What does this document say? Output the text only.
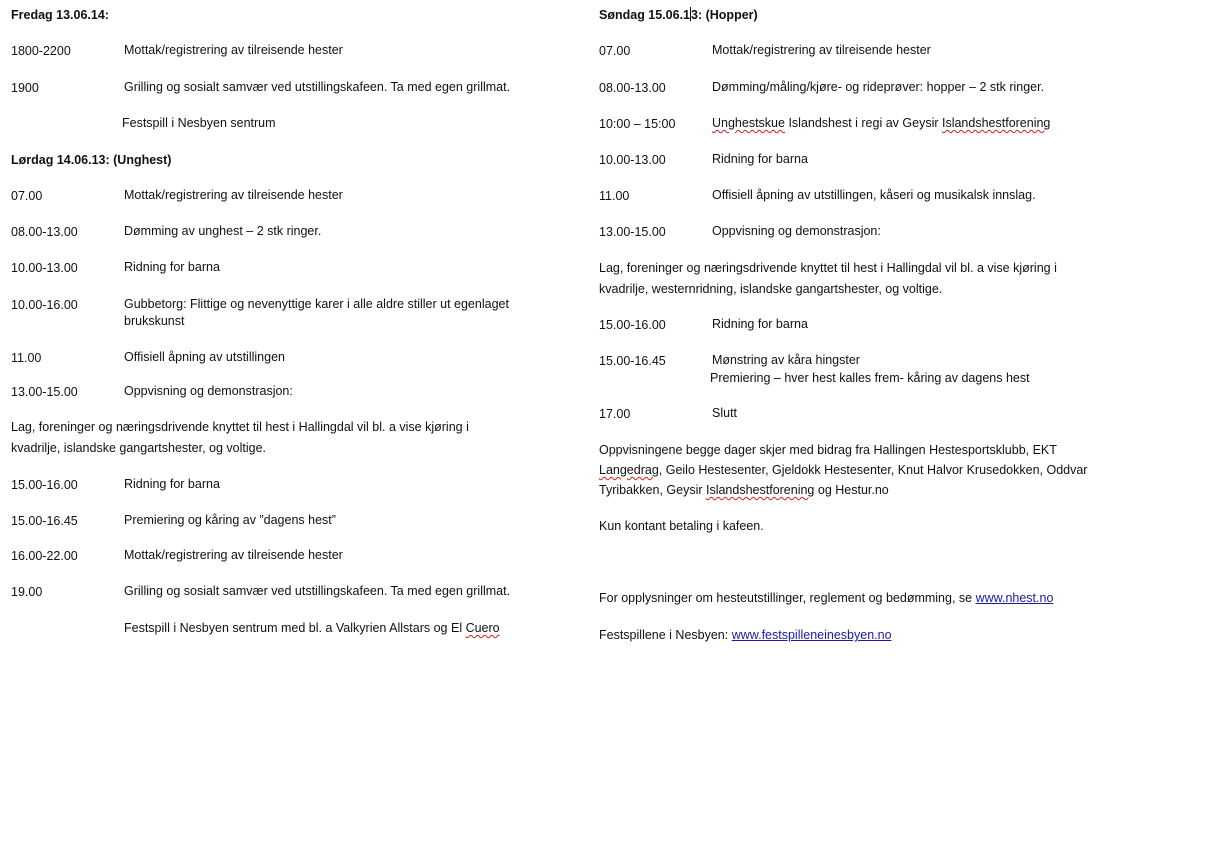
Fredag 13.06.14:
1800-2200	Mottak/registrering av tilreisende hester
1900	Grilling og sosialt samvær ved utstillingskafeen. Ta med egen grillmat.
Festspill i Nesbyen sentrum
Lørdag 14.06.13: (Unghest)
07.00	Mottak/registrering av tilreisende hester
08.00-13.00	Dømming av unghest – 2 stk ringer.
10.00-13.00	Ridning for barna
10.00-16.00	Gubbetorg: Flittige og nevenyttige karer i alle aldre stiller ut egenlaget brukskunst
11.00	Offisiell åpning av utstillingen
13.00-15.00	Oppvisning og demonstrasjon:
Lag, foreninger og næringsdrivende knyttet til hest i Hallingdal vil bl. a vise kjøring i
kvadrilje, islandske gangartshester, og voltige.
15.00-16.00	Ridning for barna
15.00-16.45	Premiering og kåring av ”dagens hest”
16.00-22.00	Mottak/registrering av tilreisende hester
19.00	Grilling og sosialt samvær ved utstillingskafeen. Ta med egen grillmat.
Festspill i Nesbyen sentrum med bl. a Valkyrien Allstars og El Cuero
Søndag 15.06.13: (Hopper)
07.00	Mottak/registrering av tilreisende hester
08.00-13.00	Dømming/måling/kjøre- og rideprøver: hopper – 2 stk ringer.
10:00 – 15:00	Unghestskue Islandshest i regi av Geysir Islandshestforening
10.00-13.00	Ridning for barna
11.00	Offisiell åpning av utstillingen, kåseri og musikalsk innslag.
13.00-15.00	Oppvisning og demonstrasjon:
Lag, foreninger og næringsdrivende knyttet til hest i Hallingdal vil bl. a vise kjøring i
kvadrilje, westernridning, islandske gangartshester, og voltige.
15.00-16.00	Ridning for barna
15.00-16.45	Mønstring av kåra hingster
Premiering – hver hest kalles frem- kåring av dagens hest
17.00	Slutt
Oppvisningene begge dager skjer med bidrag fra Hallingen Hestesportsklubb, EKT
Langedrag, Geilo Hestesenter, Gjeldokk Hestesenter, Knut Halvor Krusedokken, Oddvar
Tyribakken, Geysir Islandshestforening og Hestur.no
Kun kontant betaling i kafeen.
For opplysninger om hesteutstillinger, reglement og bedømming, se www.nhest.no
Festspillene i Nesbyen: www.festspilleneinesbyen.no
